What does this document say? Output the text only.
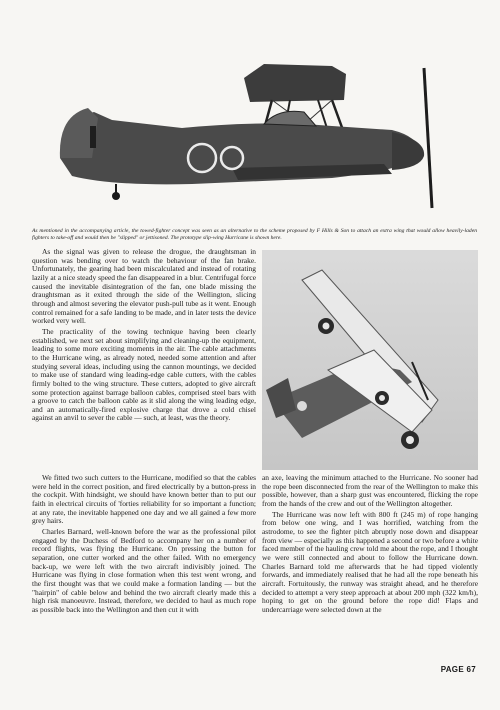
As mentioned in the accompanying article, the towed-fighter concept was seen as an alternative to the scheme proposed by F Hills & Son to attach an extra wing that would allow heavily-laden fighters to take-off and would then be "slipped" or jettisoned. The prototype slip-wing Hurricane is shown here.

As the signal was given to release the drogue, the draughtsman in question was bending over to watch the behaviour of the fan brake. Unfortunately, the gearing had been miscalculated and instead of rotating lazily at a nice steady speed the fan disappeared in a blur. Centrifugal force caused the inevitable disintegration of the fan, one blade missing the draughtsman as it exited through the side of the Wellington, slicing through and almost severing the elevator push-pull tube as it went. Enough control remained for a safe landing to be made, and in later tests the device worked very well.

The practicality of the towing technique having been clearly established, we next set about simplifying and cleaning-up the equipment, leading to some more exciting moments in the air. The cable attachments to the Hurricane wing, as already noted, needed some attention and after studying several ideas, including using the cannon mountings, we decided to make use of standard wing leading-edge cable cutters, with the cables firmly bolted to the wing structure. These cutters, adopted to give aircraft some protection against barrage balloon cables, comprised steel bars with a groove to catch the balloon cable as it slid along the wing leading edge, and an automatically-fired explosive charge that drove a cold chisel against an anvil to sever the cable — such, at least, was the theory.

We fitted two such cutters to the Hurricane, modified so that the cables were held in the correct position, and fired electrically by a button-press in the cockpit. With hindsight, we should have known better than to put our faith in electrical circuits of 'forties reliability for so important a function; at any rate, the inevitable happened one day and we all gained a few more grey hairs.

Charles Barnard, well-known before the war as the professional pilot engaged by the Duchess of Bedford to accompany her on a number of record flights, was flying the Hurricane. On pressing the button for separation, one cutter worked and the other failed. With no emergency back-up, we were left with the two aircraft indivisibly joined. The Hurricane was flying in close formation when this test went wrong, and the first thought was that we could make a formation landing — but the "hairpin" of cable below and behind the two aircraft clearly made this a high risk manoeuvre. Instead, therefore, we decided to haul as much rope as possible back into the Wellington and then cut it with

an axe, leaving the minimum attached to the Hurricane. No sooner had the rope been disconnected from the rear of the Wellington to make this possible, however, than a sharp gust was encountered, flicking the rope from the hands of the crew and out of the Wellington altogether.

The Hurricane was now left with 800 ft (245 m) of rope hanging from below one wing, and I was horrified, watching from the astrodome, to see the fighter pitch abruptly nose down and disappear from view — especially as this happened a second or two before a white faced member of the hauling crew told me about the rope, and I thought we were still connected and about to follow the Hurricane down. Charles Barnard told me afterwards that he had tipped violently forwards, and immediately realised that he had all the rope beneath his aircraft. Fortuitously, the runway was straight ahead, and he therefore decided to attempt a very steep approach at about 200 mph (322 km/h), hoping to get on the ground before the rope did! Flaps and undercarriage were selected down at the

PAGE 67
